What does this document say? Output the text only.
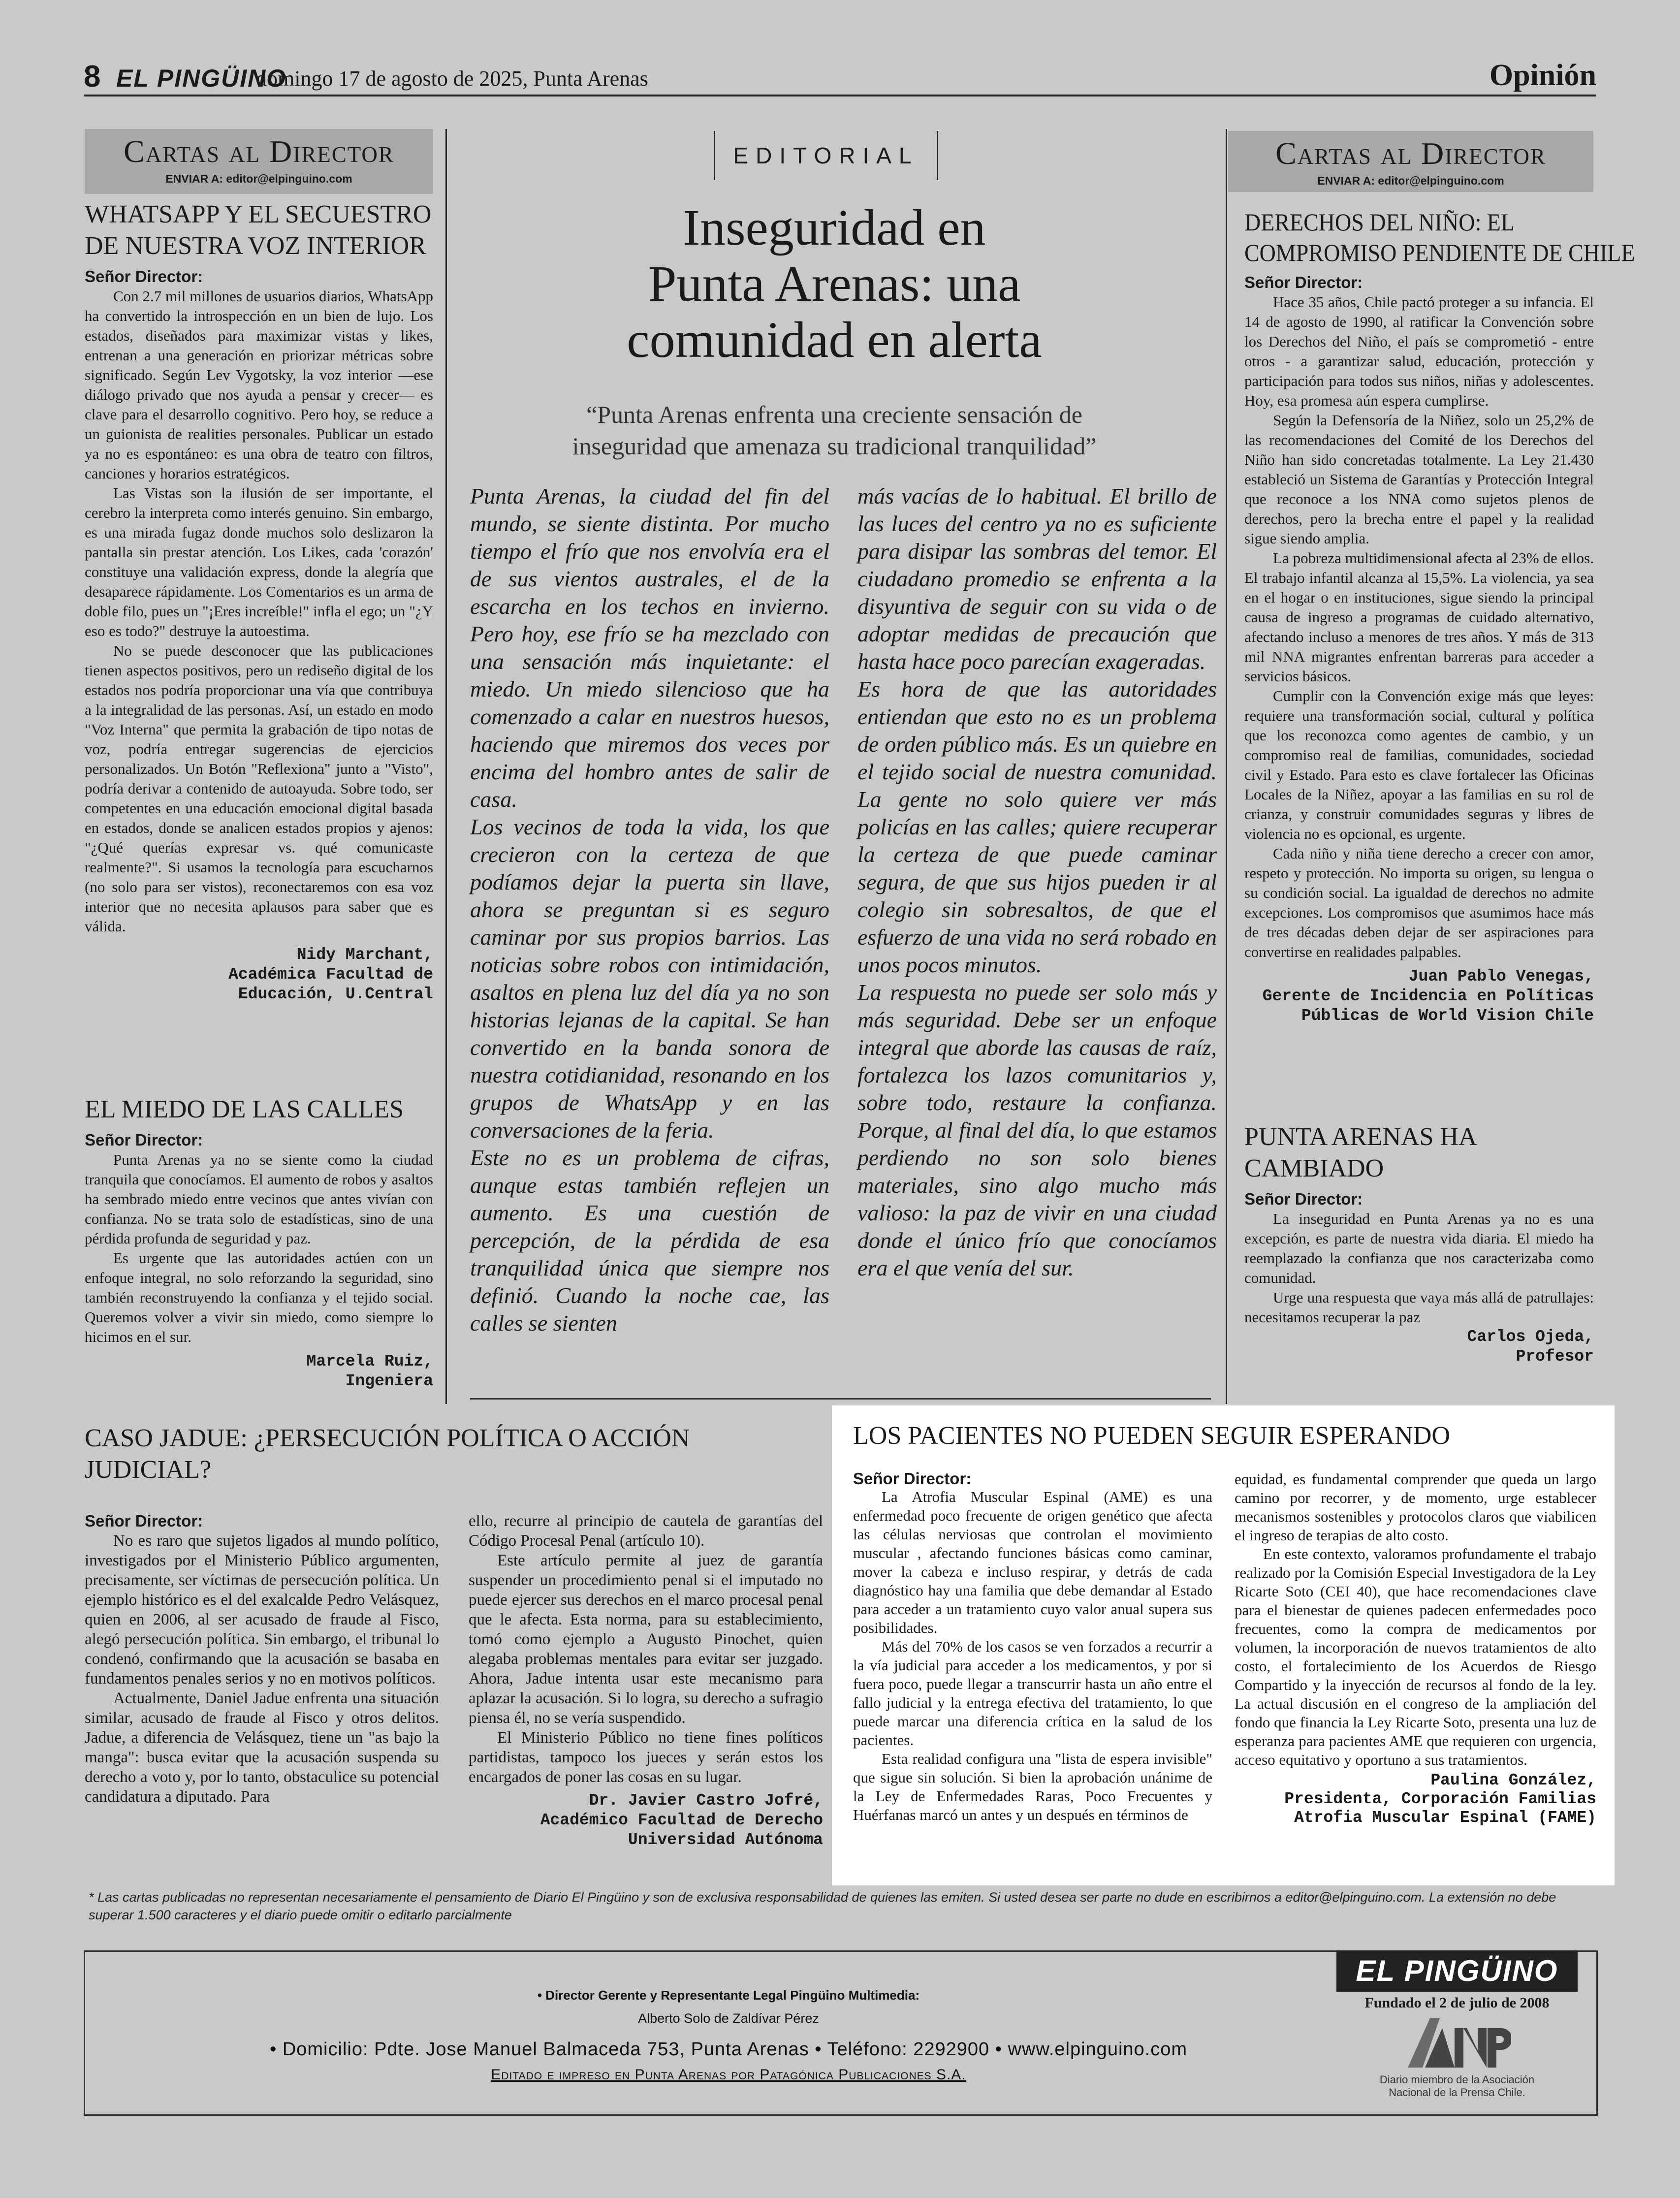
8 EL PINGÜINO
domingo 17 de agosto de 2025, Punta Arenas	Opinión
Cartas al Director
ENVIAR A: editor@elpinguino.com
WHATSAPP Y EL SECUESTRO DE NUESTRA VOZ INTERIOR
Señor Director:

Con 2.7 mil millones de usuarios diarios, WhatsApp ha convertido la introspección en un bien de lujo. Los estados, diseñados para maximizar vistas y likes, entrenan a una generación en priorizar métricas sobre significado. Según Lev Vygotsky, la voz interior —ese diálogo privado que nos ayuda a pensar y crecer— es clave para el desarrollo cognitivo. Pero hoy, se reduce a un guionista de realities personales. Publicar un estado ya no es espontáneo: es una obra de teatro con filtros, canciones y horarios estratégicos.

Las Vistas son la ilusión de ser importante, el cerebro la interpreta como interés genuino. Sin embargo, es una mirada fugaz donde muchos solo deslizaron la pantalla sin prestar atención. Los Likes, cada 'corazón' constituye una validación express, donde la alegría que desaparece rápidamente. Los Comentarios es un arma de doble filo, pues un "¡Eres increíble!" infla el ego; un "¿Y eso es todo?" destruye la autoestima.

No se puede desconocer que las publicaciones tienen aspectos positivos, pero un rediseño digital de los estados nos podría proporcionar una vía que contribuya a la integralidad de las personas. Así, un estado en modo "Voz Interna" que permita la grabación de tipo notas de voz, podría entregar sugerencias de ejercicios personalizados. Un Botón "Reflexiona" junto a "Visto", podría derivar a contenido de autoayuda. Sobre todo, ser competentes en una educación emocional digital basada en estados, donde se analicen estados propios y ajenos: "¿Qué querías expresar vs. qué comunicaste realmente?". Si usamos la tecnología para escucharnos (no solo para ser vistos), reconectaremos con esa voz interior que no necesita aplausos para saber que es válida.

Nidy Marchant,
Académica Facultad de
Educación, U.Central
EL MIEDO DE LAS CALLES
Señor Director:

Punta Arenas ya no se siente como la ciudad tranquila que conocíamos. El aumento de robos y asaltos ha sembrado miedo entre vecinos que antes vivían con confianza. No se trata solo de estadísticas, sino de una pérdida profunda de seguridad y paz.

Es urgente que las autoridades actúen con un enfoque integral, no solo reforzando la seguridad, sino también reconstruyendo la confianza y el tejido social. Queremos volver a vivir sin miedo, como siempre lo hicimos en el sur.

Marcela Ruiz,
Ingeniera
EDITORIAL
Inseguridad en
Punta Arenas: una
comunidad en alerta
“Punta Arenas enfrenta una creciente sensación de
inseguridad que amenaza su tradicional tranquilidad”

Punta Arenas, la ciudad del fin del mundo, se siente distinta. Por mucho tiempo el frío que nos envolvía era el de sus vientos australes, el de la escarcha en los techos en invierno. Pero hoy, ese frío se ha mezclado con una sensación más inquietante: el miedo. Un miedo silencioso que ha comenzado a calar en nuestros huesos, haciendo que miremos dos veces por encima del hombro antes de salir de casa.

Los vecinos de toda la vida, los que crecieron con la certeza de que podíamos dejar la puerta sin llave, ahora se preguntan si es seguro caminar por sus propios barrios. Las noticias sobre robos con intimidación, asaltos en plena luz del día ya no son historias lejanas de la capital. Se han convertido en la banda sonora de nuestra cotidianidad, resonando en los grupos de WhatsApp y en las conversaciones de la feria.

Este no es un problema de cifras, aunque estas también reflejen un aumento. Es una cuestión de percepción, de la pérdida de esa tranquilidad única que siempre nos definió. Cuando la noche cae, las calles se sienten

más vacías de lo habitual. El brillo de las luces del centro ya no es suficiente para disipar las sombras del temor. El ciudadano promedio se enfrenta a la disyuntiva de seguir con su vida o de adoptar medidas de precaución que hasta hace poco parecían exageradas.

Es hora de que las autoridades entiendan que esto no es un problema de orden público más. Es un quiebre en el tejido social de nuestra comunidad. La gente no solo quiere ver más policías en las calles; quiere recuperar la certeza de que puede caminar segura, de que sus hijos pueden ir al colegio sin sobresaltos, de que el esfuerzo de una vida no será robado en unos pocos minutos.

La respuesta no puede ser solo más y más seguridad. Debe ser un enfoque integral que aborde las causas de raíz, fortalezca los lazos comunitarios y, sobre todo, restaure la confianza. Porque, al final del día, lo que estamos perdiendo no son solo bienes materiales, sino algo mucho más valioso: la paz de vivir en una ciudad donde el único frío que conocíamos era el que venía del sur.

Cartas al Director
ENVIAR A: editor@elpinguino.com
DERECHOS DEL NIÑO: EL
COMPROMISO PENDIENTE DE CHILE
Señor Director:

Hace 35 años, Chile pactó proteger a su infancia. El 14 de agosto de 1990, al ratificar la Convención sobre los Derechos del Niño, el país se comprometió - entre otros - a garantizar salud, educación, protección y participación para todos sus niños, niñas y adolescentes. Hoy, esa promesa aún espera cumplirse.

Según la Defensoría de la Niñez, solo un 25,2% de las recomendaciones del Comité de los Derechos del Niño han sido concretadas totalmente. La Ley 21.430 estableció un Sistema de Garantías y Protección Integral que reconoce a los NNA como sujetos plenos de derechos, pero la brecha entre el papel y la realidad sigue siendo amplia.

La pobreza multidimensional afecta al 23% de ellos. El trabajo infantil alcanza al 15,5%. La violencia, ya sea en el hogar o en instituciones, sigue siendo la principal causa de ingreso a programas de cuidado alternativo, afectando incluso a menores de tres años. Y más de 313 mil NNA migrantes enfrentan barreras para acceder a servicios básicos.

Cumplir con la Convención exige más que leyes: requiere una transformación social, cultural y política que los reconozca como agentes de cambio, y un compromiso real de familias, comunidades, sociedad civil y Estado. Para esto es clave fortalecer las Oficinas Locales de la Niñez, apoyar a las familias en su rol de crianza, y construir comunidades seguras y libres de violencia no es opcional, es urgente.

Cada niño y niña tiene derecho a crecer con amor, respeto y protección. No importa su origen, su lengua o su condición social. La igualdad de derechos no admite excepciones. Los compromisos que asumimos hace más de tres décadas deben dejar de ser aspiraciones para convertirse en realidades palpables.

Juan Pablo Venegas,
Gerente de Incidencia en Políticas
Públicas de World Vision Chile
PUNTA ARENAS HA CAMBIADO
Señor Director:

La inseguridad en Punta Arenas ya no es una excepción, es parte de nuestra vida diaria. El miedo ha reemplazado la confianza que nos caracterizaba como comunidad.

Urge una respuesta que vaya más allá de patrullajes: necesitamos recuperar la paz

Carlos Ojeda,
Profesor
CASO JADUE: ¿PERSECUCIÓN POLÍTICA O ACCIÓN JUDICIAL?
Señor Director:

No es raro que sujetos ligados al mundo político, investigados por el Ministerio Público argumenten, precisamente, ser víctimas de persecución política. Un ejemplo histórico es el del exalcalde Pedro Velásquez, quien en 2006, al ser acusado de fraude al Fisco, alegó persecución política. Sin embargo, el tribunal lo condenó, confirmando que la acusación se basaba en fundamentos penales serios y no en motivos políticos.

Actualmente, Daniel Jadue enfrenta una situación similar, acusado de fraude al Fisco y otros delitos. Jadue, a diferencia de Velásquez, tiene un "as bajo la manga": busca evitar que la acusación suspenda su derecho a voto y, por lo tanto, obstaculice su potencial candidatura a diputado. Para

ello, recurre al principio de cautela de garantías del Código Procesal Penal (artículo 10).

Este artículo permite al juez de garantía suspender un procedimiento penal si el imputado no puede ejercer sus derechos en el marco procesal penal que le afecta. Esta norma, para su establecimiento, tomó como ejemplo a Augusto Pinochet, quien alegaba problemas mentales para evitar ser juzgado. Ahora, Jadue intenta usar este mecanismo para aplazar la acusación. Si lo logra, su derecho a sufragio piensa él, no se vería suspendido.

El Ministerio Público no tiene fines políticos partidistas, tampoco los jueces y serán estos los encargados de poner las cosas en su lugar.

Dr. Javier Castro Jofré,
Académico Facultad de Derecho
Universidad Autónoma
LOS PACIENTES NO PUEDEN SEGUIR ESPERANDO
Señor Director:

La Atrofia Muscular Espinal (AME) es una enfermedad poco frecuente de origen genético que afecta las células nerviosas que controlan el movimiento muscular , afectando funciones básicas como caminar, mover la cabeza e incluso respirar, y detrás de cada diagnóstico hay una familia que debe demandar al Estado para acceder a un tratamiento cuyo valor anual supera sus posibilidades.

Más del 70% de los casos se ven forzados a recurrir a la vía judicial para acceder a los medicamentos, y por si fuera poco, puede llegar a transcurrir hasta un año entre el fallo judicial y la entrega efectiva del tratamiento, lo que puede marcar una diferencia crítica en la salud de los pacientes.

Esta realidad configura una "lista de espera invisible" que sigue sin solución. Si bien la aprobación unánime de la Ley de Enfermedades Raras, Poco Frecuentes y Huérfanas marcó un antes y un después en términos de

equidad, es fundamental comprender que queda un largo camino por recorrer, y de momento, urge establecer mecanismos sostenibles y protocolos claros que viabilicen el ingreso de terapias de alto costo.

En este contexto, valoramos profundamente el trabajo realizado por la Comisión Especial Investigadora de la Ley Ricarte Soto (CEI 40), que hace recomendaciones clave para el bienestar de quienes padecen enfermedades poco frecuentes, como la compra de medicamentos por volumen, la incorporación de nuevos tratamientos de alto costo, el fortalecimiento de los Acuerdos de Riesgo Compartido y la inyección de recursos al fondo de la ley. La actual discusión en el congreso de la ampliación del fondo que financia la Ley Ricarte Soto, presenta una luz de esperanza para pacientes AME que requieren con urgencia, acceso equitativo y oportuno a sus tratamientos.

Paulina González,
Presidenta, Corporación Familias
Atrofia Muscular Espinal (FAME)
* Las cartas publicadas no representan necesariamente el pensamiento de Diario El Pingüino y son de exclusiva responsabilidad de quienes las emiten. Si usted desea ser parte no dude en escribirnos a editor@elpinguino.com. La extensión no debe superar 1.500 caracteres y el diario puede omitir o editarlo parcialmente
• Director Gerente y Representante Legal Pingüino Multimedia:
Alberto Solo de Zaldívar Pérez
• Domicilio: Pdte. Jose Manuel Balmaceda 753, Punta Arenas • Teléfono: 2292900 • www.elpinguino.com
Editado e impreso en Punta Arenas por Patagónica Publicaciones S.A.
EL PINGÜINO
Fundado el 2 de julio de 2008
Diario miembro de la Asociación
Nacional de la Prensa Chile.
